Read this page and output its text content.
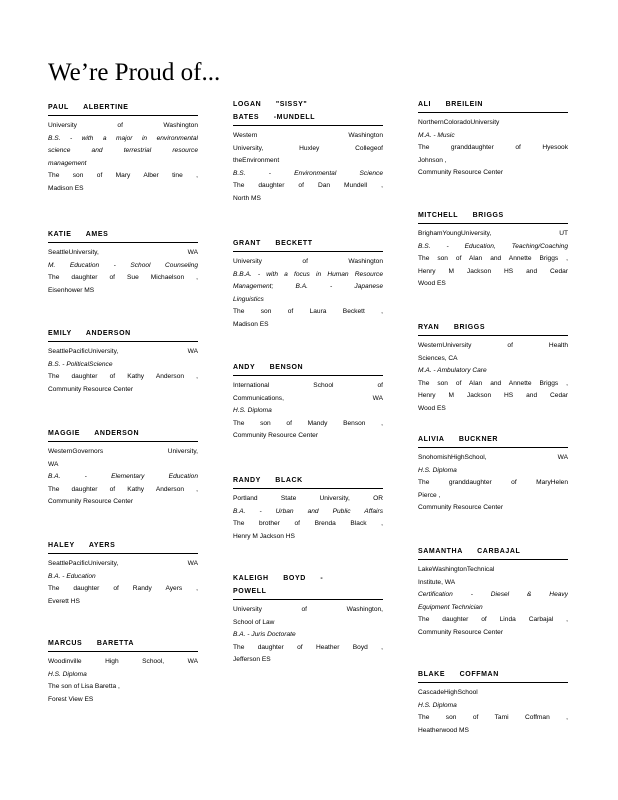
We’re Proud of...
PAUL ALBERTINE
University of Washington
B.S. - with a major in environmental
science and terrestrial resource
management
The son of Mary Alber tine ,
Madison ES
KATIE AMES
SeattleUniversity, WA
M. Education - School Counseling
The daughter of Sue Michaelson ,
Eisenhower MS
EMILY ANDERSON
SeattlePacificUniversity, WA
B.S. - PoliticalScience
The daughter of Kathy Anderson ,
Community Resource Center
MAGGIE ANDERSON
WesternGovernors University,
WA
B.A. - Elementary Education
The daughter of Kathy Anderson ,
Community Resource Center
HALEY AYERS
SeattlePacificUniversity, WA
B.A. - Education
The daughter of Randy Ayers ,
Everett HS
MARCUS BARETTA
Woodinville High School, WA
H.S. Diploma
The son of Lisa Baretta ,
Forest View ES
LOGAN "SISSY"
BATES -MUNDELL
Western Washington
University, Huxley Collegeof
theEnvironment
B.S. - Environmental Science
The daughter of Dan Mundell ,
North MS
GRANT BECKETT
University of Washington
B.B.A. - with a focus in Human Resource
Management; B.A. - Japanese
Linguistics
The son of Laura Beckett ,
Madison ES
ANDY BENSON
International School of
Communications, WA
H.S. Diploma
The son of Mandy Benson ,
Community Resource Center
RANDY BLACK
Portland State University, OR
B.A. - Urban and Public Affairs
The brother of Brenda Black ,
Henry M Jackson HS
KALEIGH BOYD -
POWELL
University of Washington,
School of Law
B.A. - Juris Doctorate
The daughter of Heather Boyd ,
Jefferson ES
ALI BREILEIN
NorthernColoradoUniversity
M.A. - Music
The granddaughter of Hyesook
Johnson ,
Community Resource Center
MITCHELL BRIGGS
BrighamYoungUniversity, UT
B.S. - Education, Teaching/Coaching
The son of Alan and Annette Briggs ,
Henry M Jackson HS and Cedar
Wood ES
RYAN BRIGGS
WesternUniversity of Health
Sciences, CA
M.A. - Ambulatory Care
The son of Alan and Annette Briggs ,
Henry M Jackson HS and Cedar
Wood ES
ALIVIA BUCKNER
SnohomishHighSchool, WA
H.S. Diploma
The granddaughter of MaryHelen
Pierce ,
Community Resource Center
SAMANTHA CARBAJAL
LakeWashingtonTechnical
Institute, WA
Certification - Diesel & Heavy
Equipment Technician
The daughter of Linda Carbajal ,
Community Resource Center
BLAKE COFFMAN
CascadeHighSchool
H.S. Diploma
The son of Tami Coffman ,
Heatherwood MS
